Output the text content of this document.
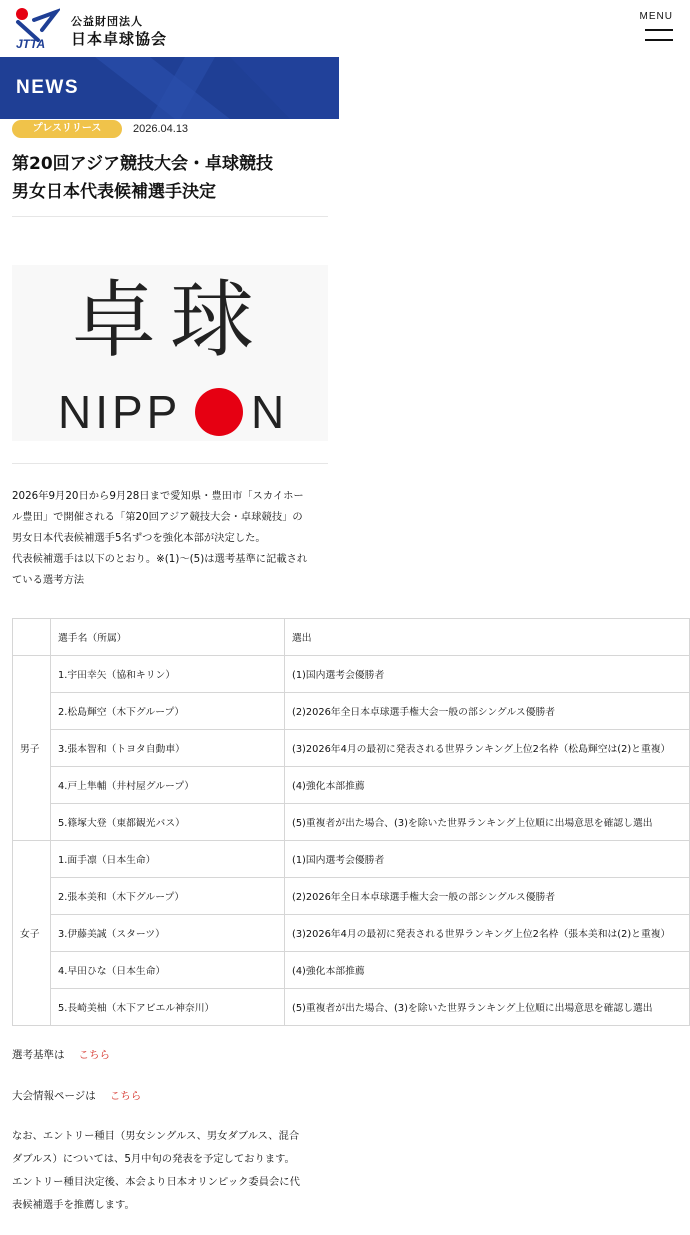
JTTA
公益財団法人
日本卓球協会
MENU
NEWS
プレスリリース	2026.04.13
第20回アジア競技大会・卓球競技
男女日本代表候補選手決定
卓球
NIPP N

2026年9月20日から9月28日まで愛知県・豊田市「スカイホー

ル豊田」で開催される「第20回アジア競技大会・卓球競技」の

男女日本代表候補選手5名ずつを強化本部が決定した。

代表候補選手は以下のとおり。※(1)〜(5)は選考基準に記載され

ている選考方法

	選手名（所属）	選出
男子	1.宇田幸矢（協和キリン）	(1)国内選考会優勝者
	2.松島輝空（木下グループ）	(2)2026年全日本卓球選手権大会一般の部シングルス優勝者
	3.張本智和（トヨタ自動車）	(3)2026年4月の最初に発表される世界ランキング上位2名枠（松島輝空は(2)と重複）
	4.戸上隼輔（井村屋グループ）	(4)強化本部推薦
	5.篠塚大登（東都観光バス）	(5)重複者が出た場合、(3)を除いた世界ランキング上位順に出場意思を確認し選出
女子	1.面手凛（日本生命）	(1)国内選考会優勝者
	2.張本美和（木下グループ）	(2)2026年全日本卓球選手権大会一般の部シングルス優勝者
	3.伊藤美誠（スターツ）	(3)2026年4月の最初に発表される世界ランキング上位2名枠（張本美和は(2)と重複）
	4.早田ひな（日本生命）	(4)強化本部推薦
	5.長崎美柚（木下アビエル神奈川）	(5)重複者が出た場合、(3)を除いた世界ランキング上位順に出場意思を確認し選出
選考基準は こちら
大会情報ページは こちら

なお、エントリー種目（男女シングルス、男女ダブルス、混合

ダブルス）については、5月中旬の発表を予定しております。

エントリー種目決定後、本会より日本オリンピック委員会に代

表候補選手を推薦します。
